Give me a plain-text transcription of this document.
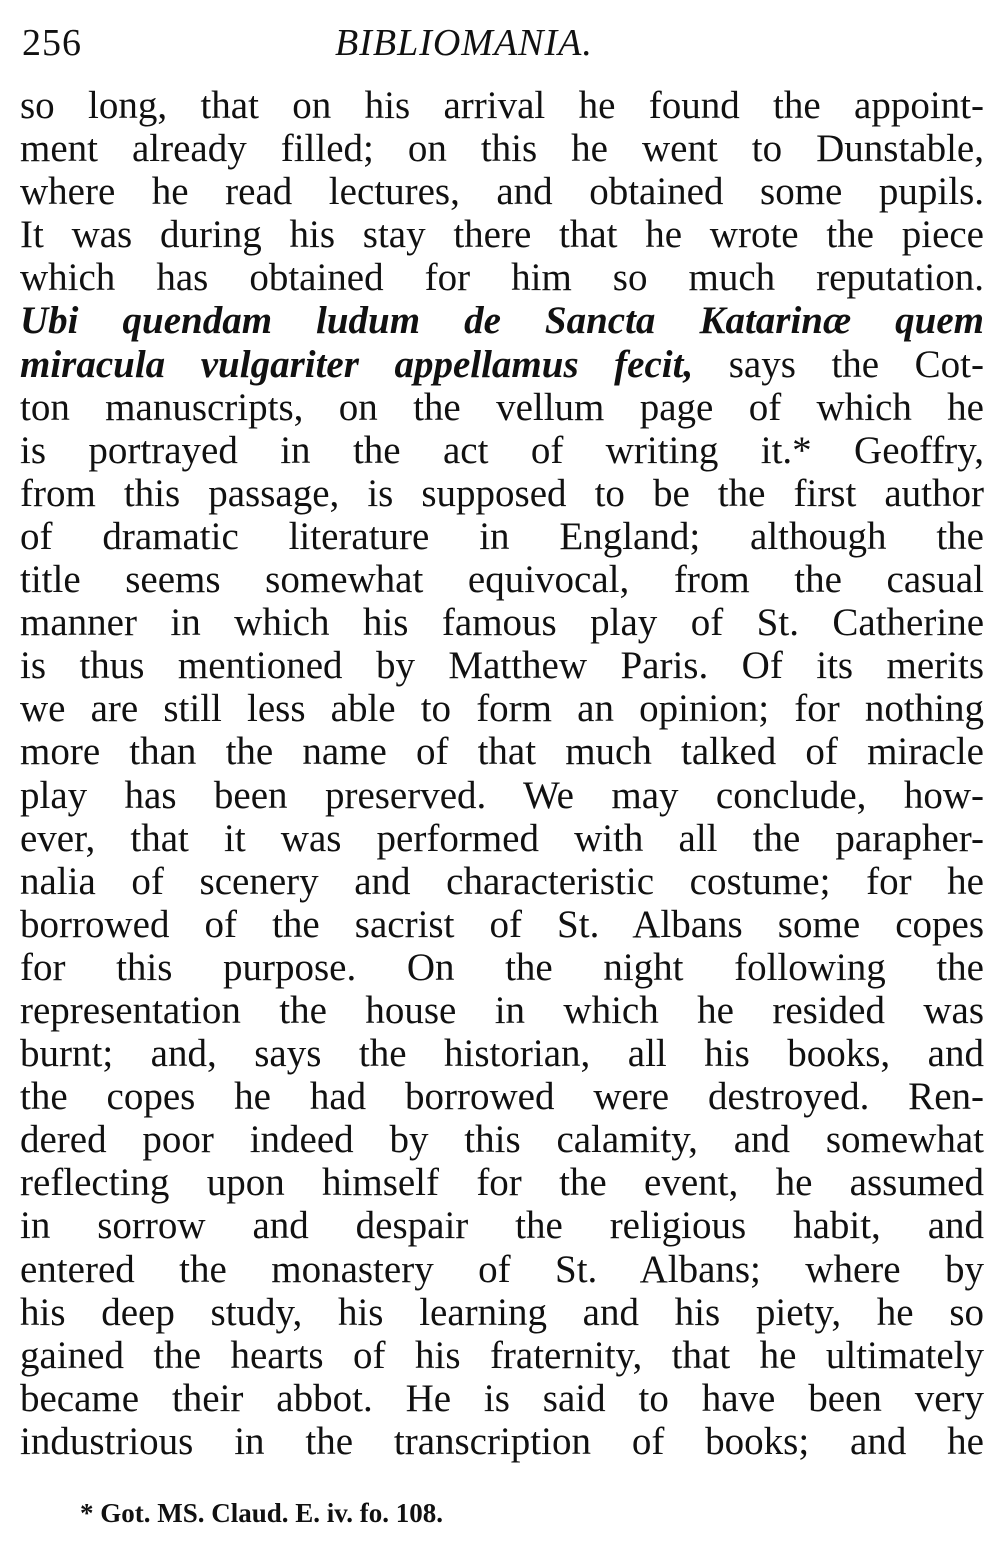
256	BIBLIOMANIA.
so long, that on his arrival he found the appoint-
ment already filled; on this he went to Dunstable,
where he read lectures, and obtained some pupils.
It was during his stay there that he wrote the piece
which has obtained for him so much reputation.
Ubi quendam ludum de Sancta Katarinæ quem
miracula vulgariter appellamus fecit, says the Cot-
ton manuscripts, on the vellum page of which he
is portrayed in the act of writing it.* Geoffry,
from this passage, is supposed to be the first author
of dramatic literature in England; although the
title seems somewhat equivocal, from the casual
manner in which his famous play of St. Catherine
is thus mentioned by Matthew Paris. Of its merits
we are still less able to form an opinion; for nothing
more than the name of that much talked of miracle
play has been preserved. We may conclude, how-
ever, that it was performed with all the parapher-
nalia of scenery and characteristic costume; for he
borrowed of the sacrist of St. Albans some copes
for this purpose. On the night following the
representation the house in which he resided was
burnt; and, says the historian, all his books, and
the copes he had borrowed were destroyed. Ren-
dered poor indeed by this calamity, and somewhat
reflecting upon himself for the event, he assumed
in sorrow and despair the religious habit, and
entered the monastery of St. Albans; where by
his deep study, his learning and his piety, he so
gained the hearts of his fraternity, that he ultimately
became their abbot. He is said to have been very
industrious in the transcription of books; and he
* Got. MS. Claud. E. iv. fo. 108.
